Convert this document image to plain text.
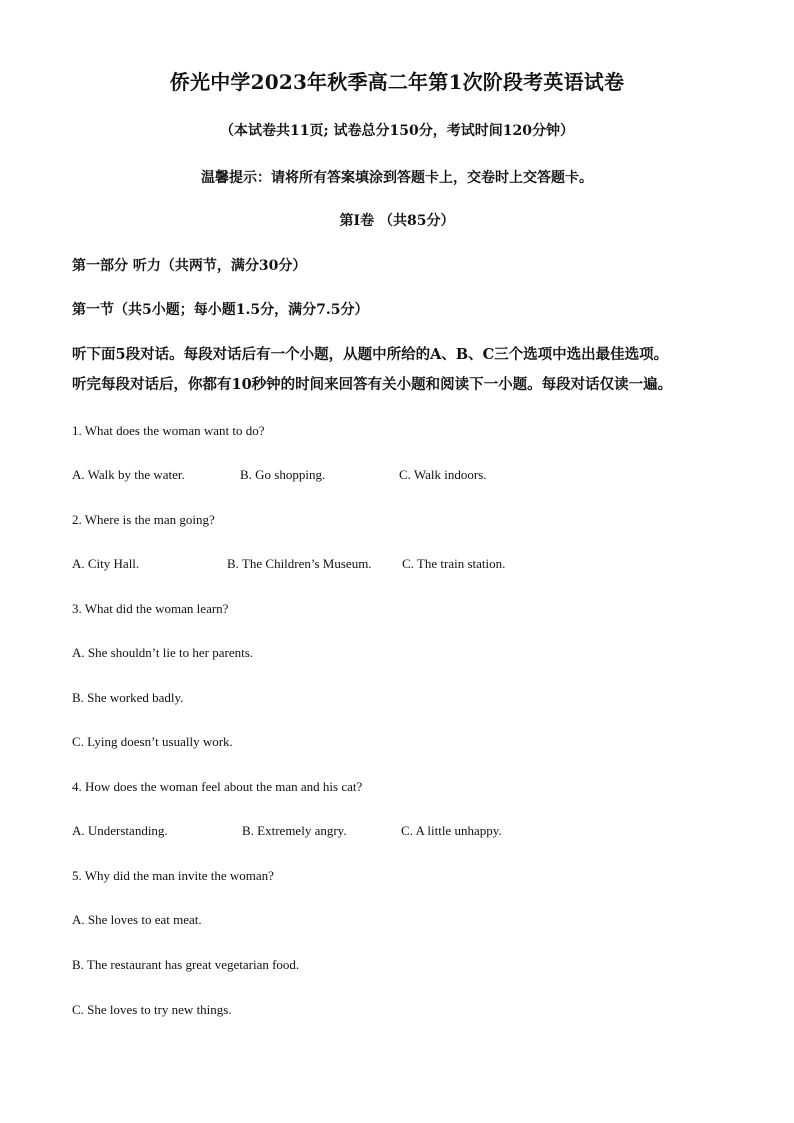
侨光中学2023年秋季高二年第1次阶段考英语试卷
（本试卷共11页; 试卷总分150分，考试时间120分钟）
温馨提示：请将所有答案填涂到答题卡上，交卷时上交答题卡。
第I卷 （共85分）
第一部分 听力（共两节，满分30分）
第一节（共5小题；每小题1.5分，满分7.5分）
听下面5段对话。每段对话后有一个小题，从题中所给的A、B、C三个选项中选出最佳选项。
听完每段对话后，你都有10秒钟的时间来回答有关小题和阅读下一小题。每段对话仅读一遍。
1. What does the woman want to do?
A. Walk by the water.	B. Go shopping.	C. Walk indoors.
2. Where is the man going?
A. City Hall.	B. The Children’s Museum. C. The train station.
3. What did the woman learn?
A. She shouldn’t lie to her parents.
B. She worked badly.
C. Lying doesn’t usually work.
4. How does the woman feel about the man and his cat?
A. Understanding.	B. Extremely angry.	C. A little unhappy.
5. Why did the man invite the woman?
A. She loves to eat meat.
B. The restaurant has great vegetarian food.
C. She loves to try new things.
